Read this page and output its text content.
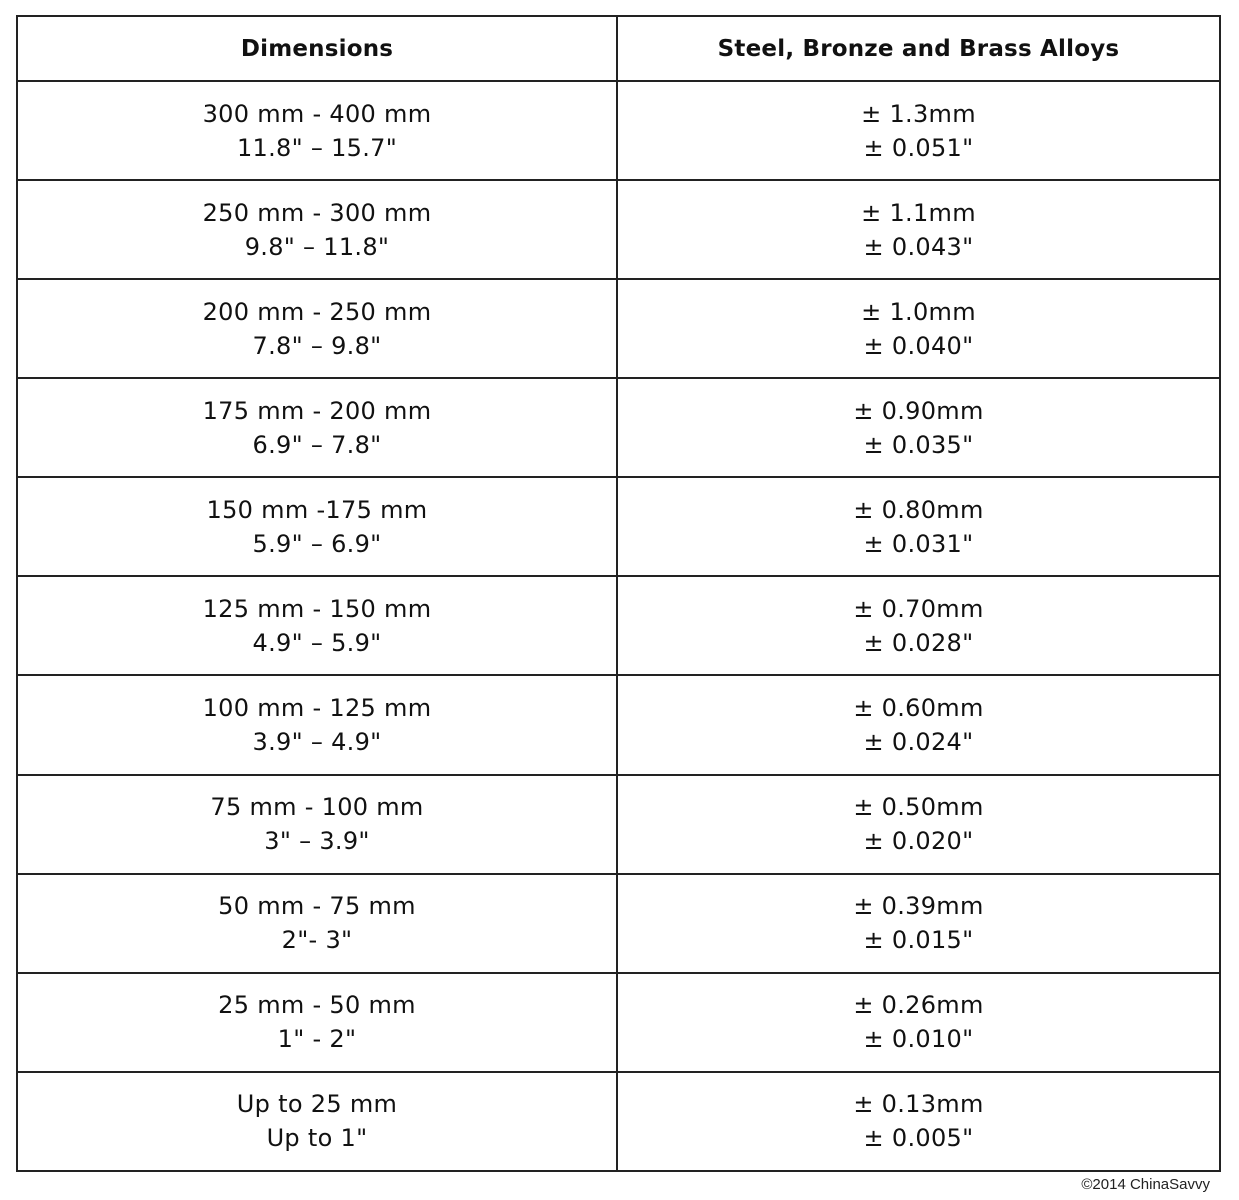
Dimensions	Steel, Bronze and Brass Alloys

300 mm - 400 mm
11.8" – 15.7"	± 1.3mm
± 0.051"

250 mm - 300 mm
9.8" – 11.8"	± 1.1mm
± 0.043"

200 mm - 250 mm
7.8" – 9.8"	± 1.0mm
± 0.040"

175 mm - 200 mm
6.9" – 7.8"	± 0.90mm
± 0.035"

150 mm -175 mm
5.9" – 6.9"	± 0.80mm
± 0.031"

125 mm - 150 mm
4.9" – 5.9"	± 0.70mm
± 0.028"

100 mm - 125 mm
3.9" – 4.9"	± 0.60mm
± 0.024"

75 mm - 100 mm
3" – 3.9"	± 0.50mm
± 0.020"

50 mm - 75 mm
2"- 3"	± 0.39mm
± 0.015"

25 mm - 50 mm
1" - 2"	± 0.26mm
± 0.010"

Up to 25 mm
Up to 1"	± 0.13mm
± 0.005"
©2014 ChinaSavvy
